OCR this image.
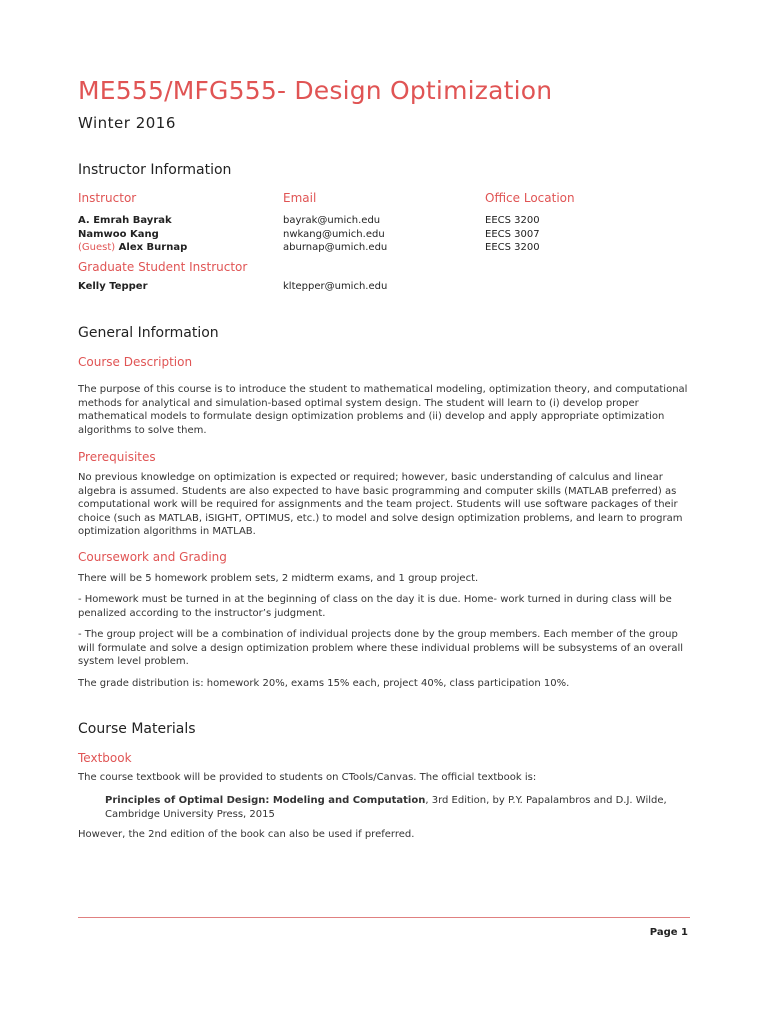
ME555/MFG555- Design Optimization
Winter 2016
Instructor Information
Instructor	Email	Office Location
A. Emrah Bayrak	bayrak@umich.edu	EECS 3200
Namwoo Kang	nwkang@umich.edu	EECS 3007
(Guest) Alex Burnap	aburnap@umich.edu	EECS 3200
Graduate Student Instructor
Kelly Tepper	kltepper@umich.edu
General Information
Course Description

The purpose of this course is to introduce the student to mathematical modeling, optimization theory, and computational methods for analytical and simulation-based optimal system design. The student will learn to (i) develop proper mathematical models to formulate design optimization problems and (ii) develop and apply appropriate optimization algorithms to solve them.

Prerequisites

No previous knowledge on optimization is expected or required; however, basic understanding of calculus and linear algebra is assumed. Students are also expected to have basic programming and computer skills (MATLAB preferred) as computational work will be required for assignments and the team project. Students will use software packages of their choice (such as MATLAB, iSIGHT, OPTIMUS, etc.) to model and solve design optimization problems, and learn to program optimization algorithms in MATLAB.

Coursework and Grading

There will be 5 homework problem sets, 2 midterm exams, and 1 group project.

- Homework must be turned in at the beginning of class on the day it is due. Home- work turned in during class will be penalized according to the instructor’s judgment.

- The group project will be a combination of individual projects done by the group members. Each member of the group will formulate and solve a design optimization problem where these individual problems will be subsystems of an overall system level problem.

The grade distribution is: homework 20%, exams 15% each, project 40%, class participation 10%.

Course Materials
Textbook

The course textbook will be provided to students on CTools/Canvas. The official textbook is:

Principles of Optimal Design: Modeling and Computation, 3rd Edition, by P.Y. Papalambros and D.J. Wilde, Cambridge University Press, 2015

However, the 2nd edition of the book can also be used if preferred.

Page 1
